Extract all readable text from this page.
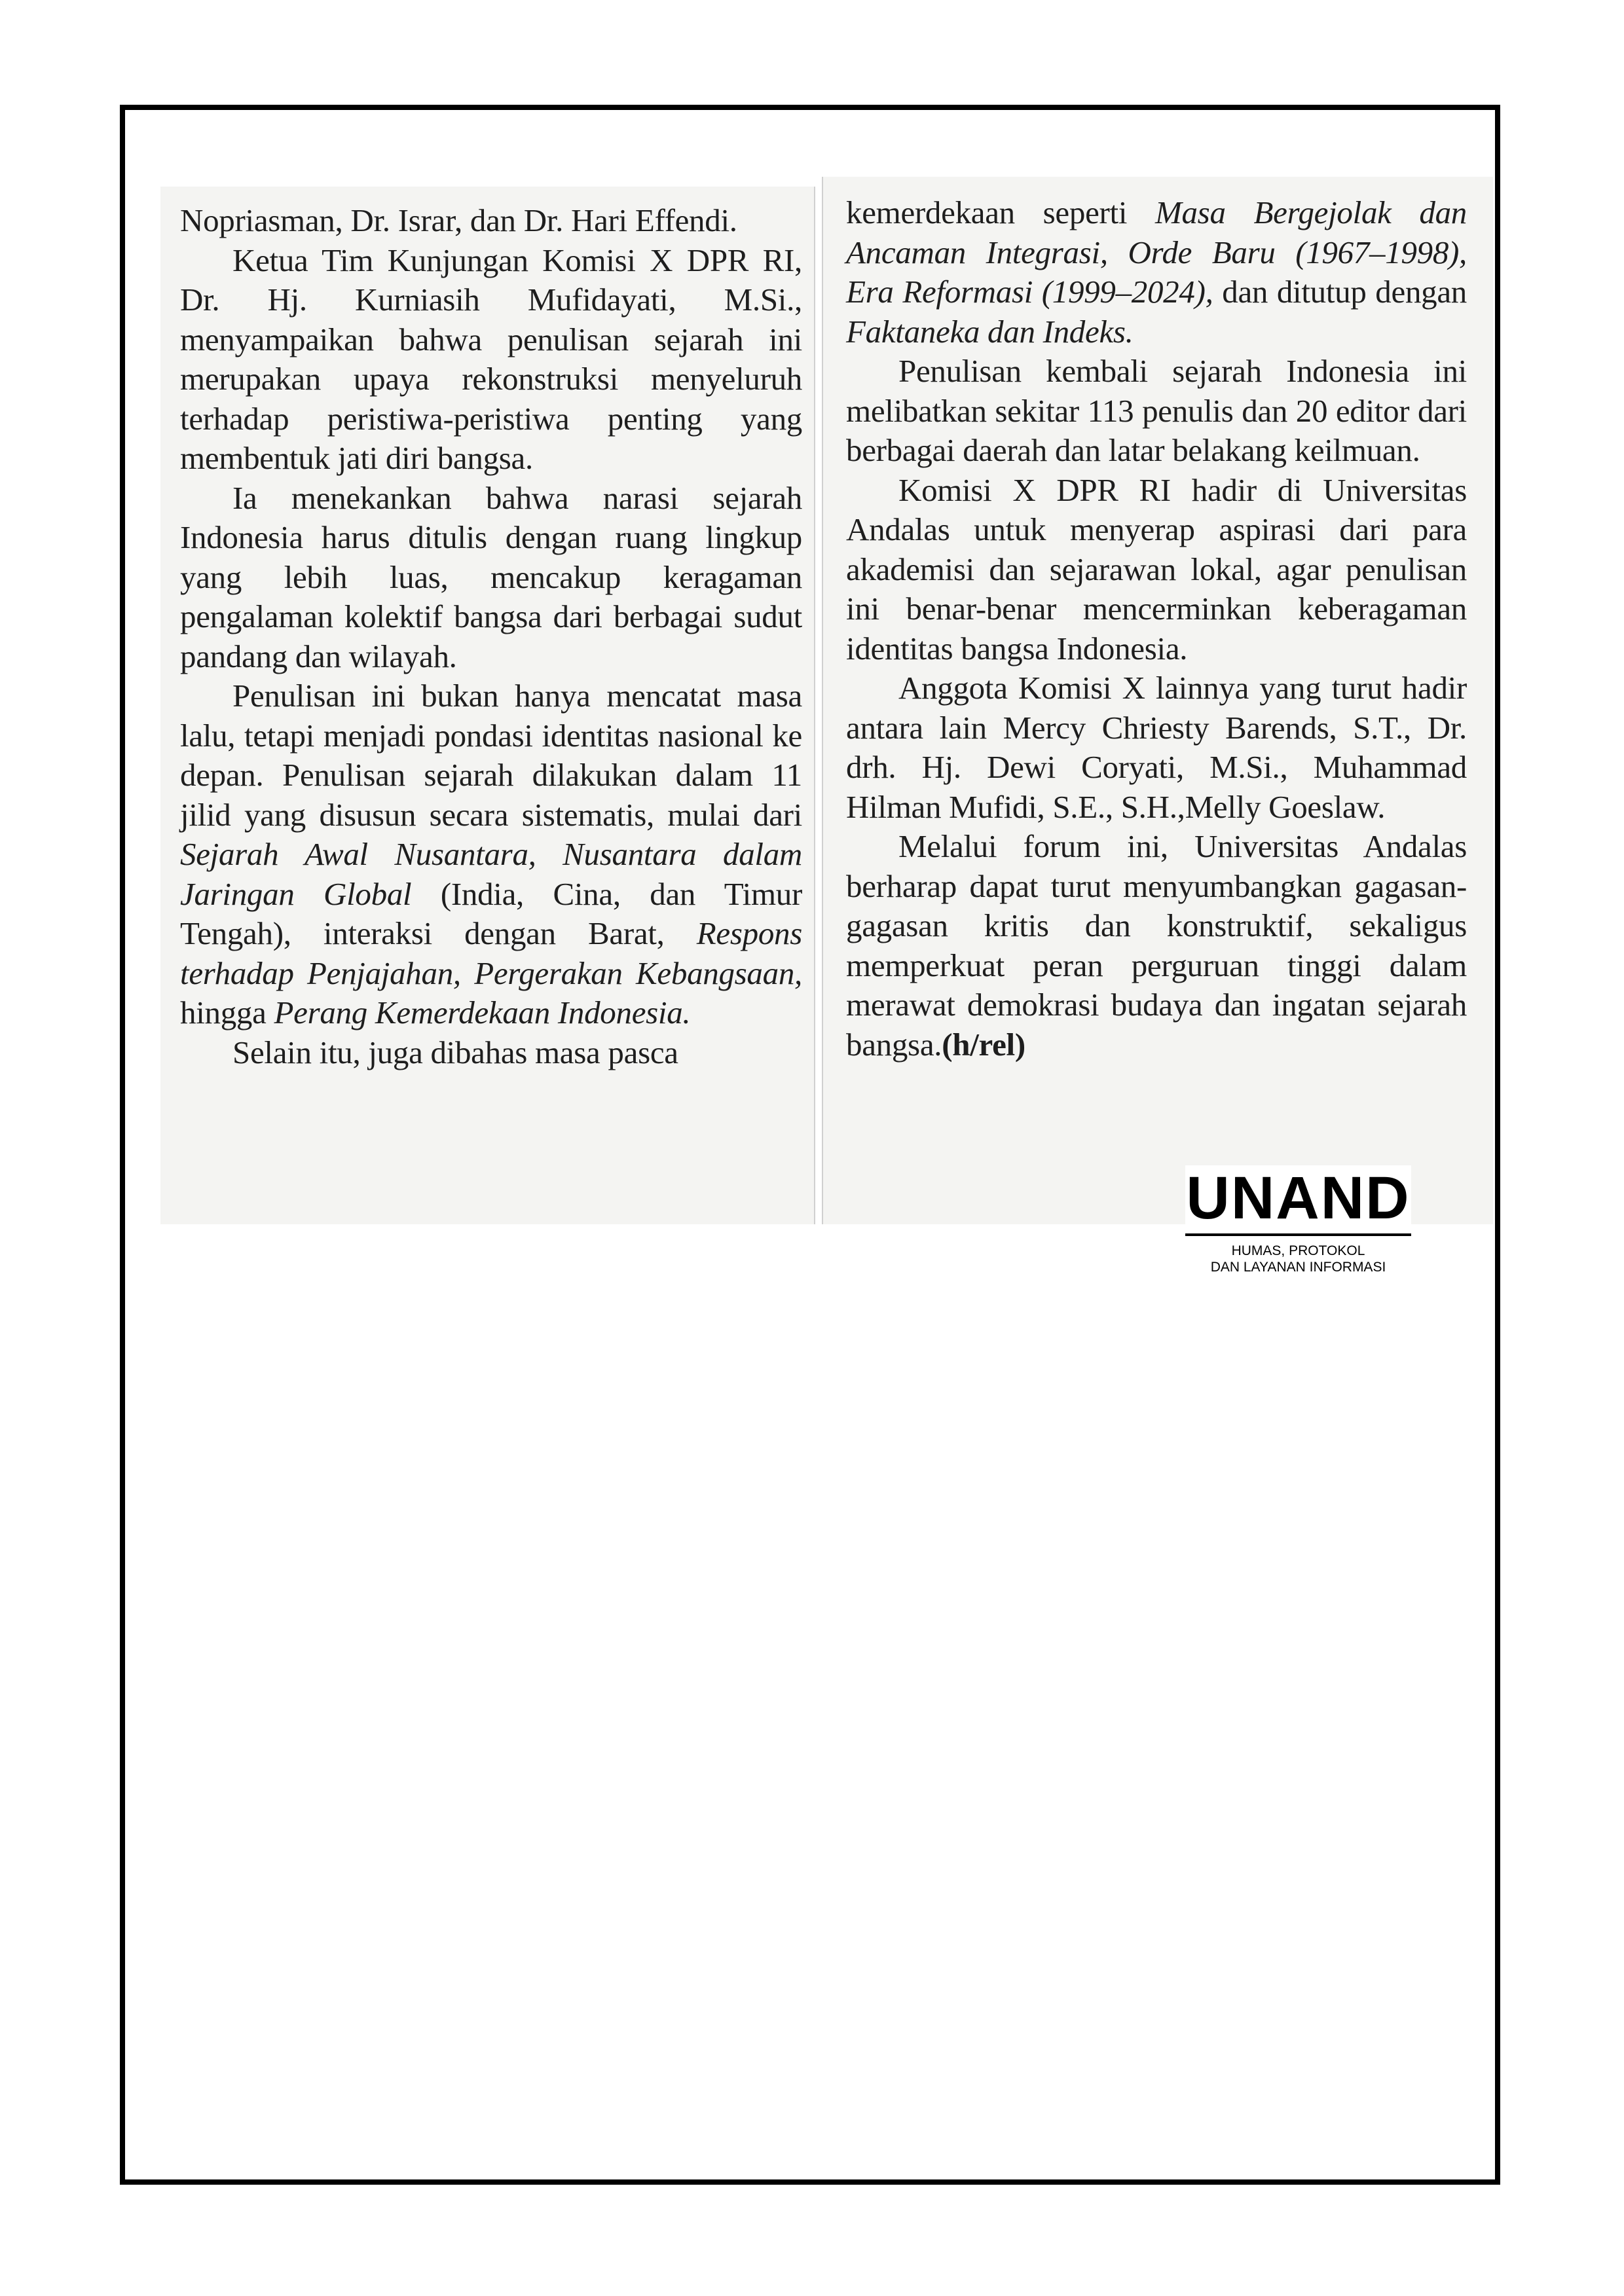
Nopriasman, Dr. Israr, dan Dr. Hari Effendi.

Ketua Tim Kunjungan Komisi X DPR RI, Dr. Hj. Kurniasih Mufidayati, M.Si., menyampaikan bahwa penulisan sejarah ini merupakan upaya rekonstruksi menyeluruh terhadap peristiwa-peristiwa penting yang membentuk jati diri bangsa.

Ia menekankan bahwa narasi sejarah Indonesia harus ditulis dengan ruang lingkup yang lebih luas, mencakup keragaman pengalaman kolektif bangsa dari berbagai sudut pandang dan wilayah.

Penulisan ini bukan hanya mencatat masa lalu, tetapi menjadi pondasi identitas nasional ke depan. Penulisan sejarah dilakukan dalam 11 jilid yang disusun secara sistematis, mulai dari Sejarah Awal Nusantara, Nusantara dalam Jaringan Global (India, Cina, dan Timur Tengah), interaksi dengan Barat, Respons terhadap Penjajahan, Pergerakan Kebangsaan, hingga Perang Kemerdekaan Indonesia.

Selain itu, juga dibahas masa pasca

kemerdekaan seperti Masa Bergejolak dan Ancaman Integrasi, Orde Baru (1967–1998), Era Reformasi (1999–2024), dan ditutup dengan Faktaneka dan Indeks.

Penulisan kembali sejarah Indonesia ini melibatkan sekitar 113 penulis dan 20 editor dari berbagai daerah dan latar belakang keilmuan.

Komisi X DPR RI hadir di Universitas Andalas untuk menyerap aspirasi dari para akademisi dan sejarawan lokal, agar penulisan ini benar-benar mencerminkan keberagaman identitas bangsa Indonesia.

Anggota Komisi X lainnya yang turut hadir antara lain Mercy Chriesty Barends, S.T., Dr. drh. Hj. Dewi Coryati, M.Si., Muhammad Hilman Mufidi, S.E., S.H.,Melly Goeslaw.

Melalui forum ini, Universitas Andalas berharap dapat turut menyumbangkan gagasan-gagasan kritis dan konstruktif, sekaligus memperkuat peran perguruan tinggi dalam merawat demokrasi budaya dan ingatan sejarah bangsa.(h/rel)

UNAND
HUMAS, PROTOKOL
DAN LAYANAN INFORMASI
